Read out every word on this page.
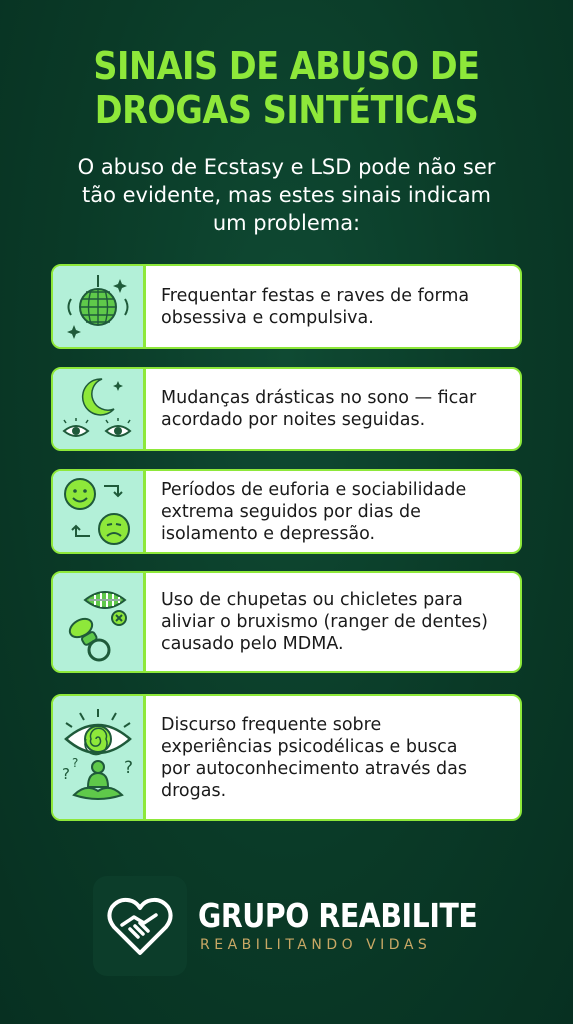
SINAIS DE ABUSO DE
DROGAS SINTÉTICAS
O abuso de Ecstasy e LSD pode não ser
tão evidente, mas estes sinais indicam
um problema:
Frequentar festas e raves de forma
obsessiva e compulsiva.
Mudanças drásticas no sono — ficar
acordado por noites seguidas.
Períodos de euforia e sociabilidade
extrema seguidos por dias de
isolamento e depressão.
Uso de chupetas ou chicletes para
aliviar o bruxismo (ranger de dentes)
causado pelo MDMA.
?	?
?
Discurso frequente sobre
experiências psicodélicas e busca
por autoconhecimento através das
drogas.
GRUPO REABILITE
REABILITANDO VIDAS
